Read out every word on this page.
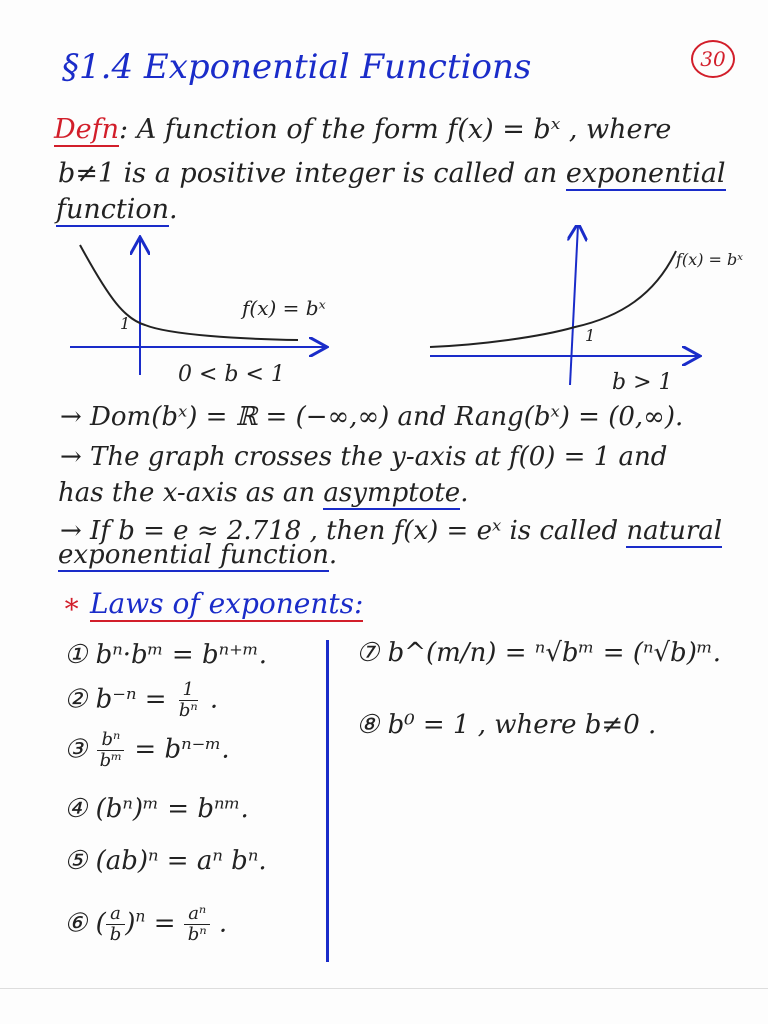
§1.4 Exponential Functions	30
Defn: A function of the form f(x) = bˣ , where
b≠1 is a positive integer is called an exponential
function.
f(x) = bˣ
1
0 < b < 1
f(x) = bˣ
1
b > 1
→ Dom(bˣ) = ℝ = (−∞,∞) and Rang(bˣ) = (0,∞).
→ The graph crosses the y-axis at f(0) = 1 and
has the x-axis as an asymptote.
→ If b = e ≈ 2.718 , then f(x) = eˣ is called natural
exponential function.
∗ Laws of exponents:
① bⁿ·bᵐ = bⁿ⁺ᵐ.
② $b^{-n} = \frac{1}{\text{bⁿ}}$ .
③ $\frac{\text{bⁿ}}{\text{bᵐ}}$ = bⁿ⁻ᵐ.
④ (bⁿ)ᵐ = bⁿᵐ.
⑤ (ab)ⁿ = aⁿ bⁿ.
⑥ ( $\frac{a}{b} )^n = \frac{\text{aⁿ}}{\text{bⁿ}}$ .
⑦ b^(m/n) = ⁿ√bᵐ = (ⁿ√b)ᵐ.
⑧ b⁰ = 1 , where b≠0 .
